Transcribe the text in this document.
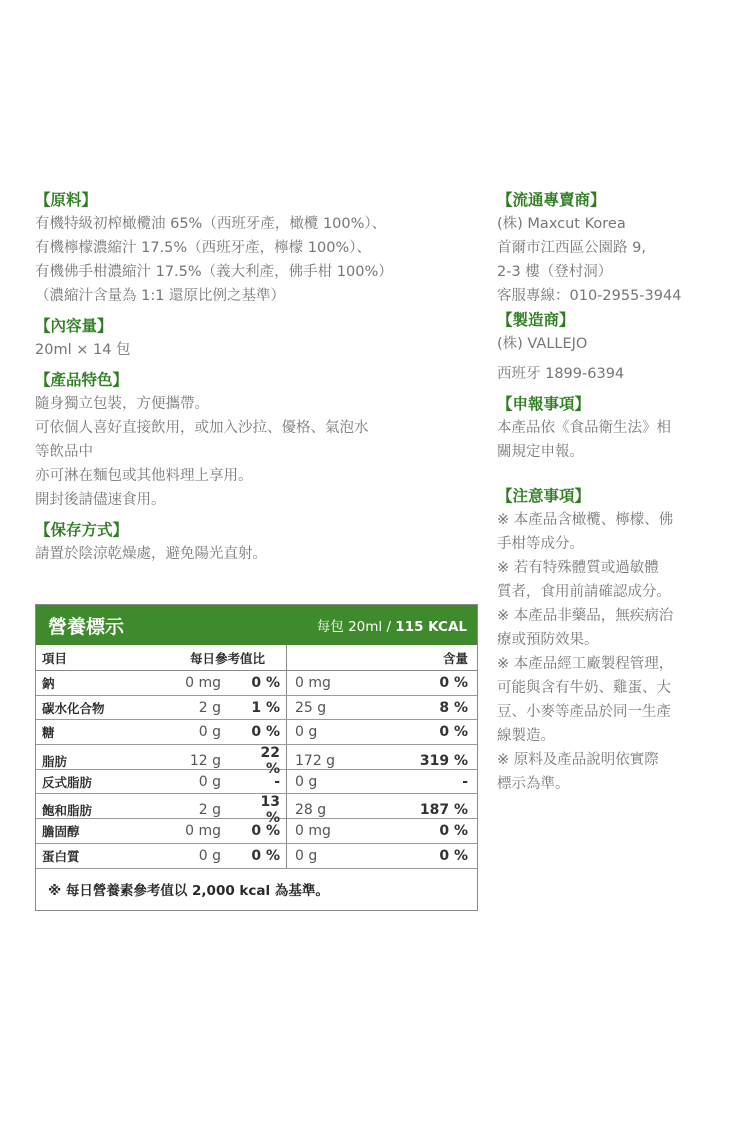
【原料】
有機特級初榨橄欖油 65%（西班牙產，橄欖 100%）、
有機檸檬濃縮汁 17.5%（西班牙產，檸檬 100%）、
有機佛手柑濃縮汁 17.5%（義大利產，佛手柑 100%）
（濃縮汁含量為 1:1 還原比例之基準）
【內容量】
20ml × 14 包
【產品特色】
隨身獨立包裝，方便攜帶。
可依個人喜好直接飲用，或加入沙拉、優格、氣泡水
等飲品中
亦可淋在麵包或其他料理上享用。
開封後請儘速食用。
【保存方式】
請置於陰涼乾燥處，避免陽光直射。
【流通專賣商】
(株) Maxcut Korea
首爾市江西區公園路 9,
2-3 樓（登村洞）
客服專線：010-2955-3944
【製造商】
(株) VALLEJO
西班牙 1899-6394
【申報事項】
本產品依《食品衛生法》相
關規定申報。
【注意事項】
※ 本產品含橄欖、檸檬、佛
手柑等成分。
※ 若有特殊體質或過敏體
質者，食用前請確認成分。
※ 本產品非藥品，無疾病治
療或預防效果。
※ 本產品經工廠製程管理，
可能與含有牛奶、雞蛋、大
豆、小麥等產品於同一生產
線製造。
※ 原料及產品說明依實際
標示為準。
營養標示	每包 20ml / 115 KCAL
項目	每日參考值比	含量
鈉	0 mg	0 % 0 mg	0 %
碳水化合物	2 g	1 % 25 g	8 %
糖	0 g	0 % 0 g	0 %
脂肪	12 g	22 % 172 g	319 %
反式脂肪	0 g	- 0 g	-
飽和脂肪	2 g	13 % 28 g	187 %
膽固醇	0 mg	0 % 0 mg	0 %
蛋白質	0 g	0 % 0 g	0 %
※ 每日營養素參考值以 2,000 kcal 為基準。
